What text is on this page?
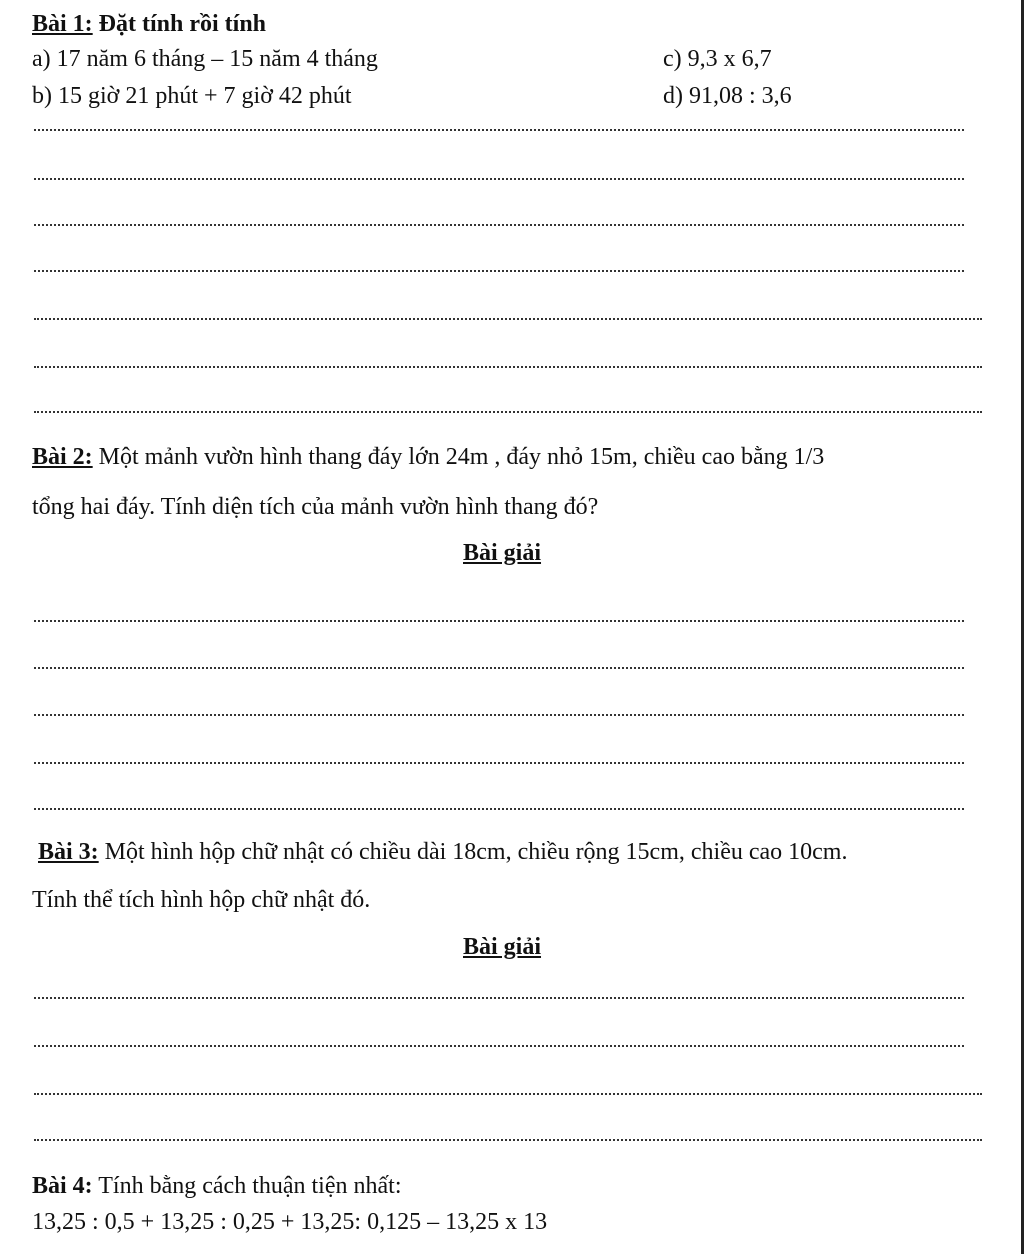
Bài 1: Đặt tính rồi tính
a) 17 năm 6 tháng – 15 năm 4 tháng	c) 9,3 x 6,7
b) 15 giờ 21 phút + 7 giờ 42 phút	d) 91,08 : 3,6
Bài 2: Một mảnh vườn hình thang đáy lớn 24m , đáy nhỏ 15m, chiều cao bằng 1/3
tổng hai đáy. Tính diện tích của mảnh vườn hình thang đó?
Bài giải
Bài 3: Một hình hộp chữ nhật có chiều dài 18cm, chiều rộng 15cm, chiều cao 10cm.
Tính thể tích hình hộp chữ nhật đó.
Bài giải
Bài 4: Tính bằng cách thuận tiện nhất:
13,25 : 0,5 + 13,25 : 0,25 + 13,25: 0,125 – 13,25 x 13
